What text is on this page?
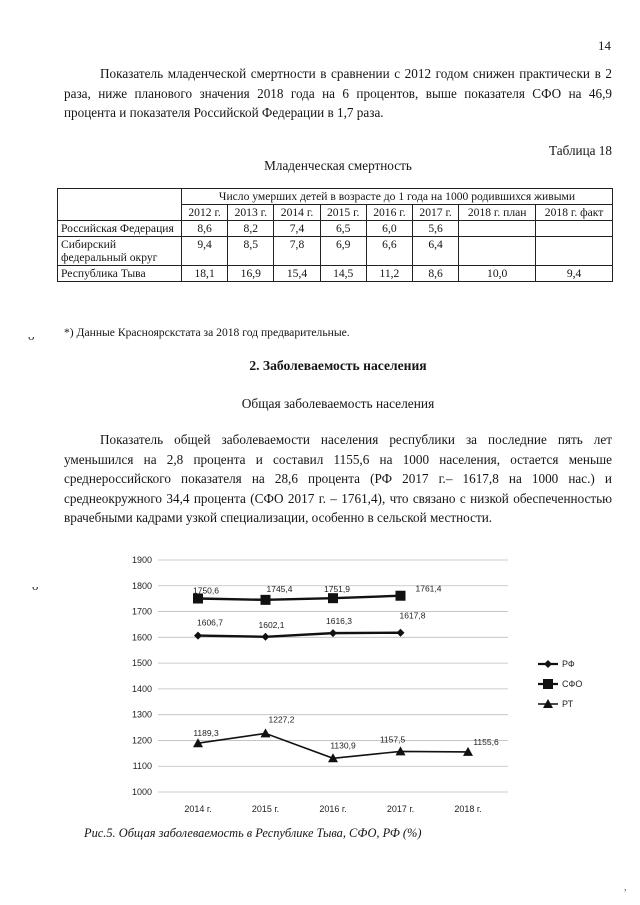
14

Показатель младенческой смертности в сравнении с 2012 годом снижен практически в 2 раза, ниже планового значения 2018 года на 6 процентов, выше показателя СФО на 46,9 процента и показателя Российской Федерации в 1,7 раза.

Таблица 18
Младенческая смертность
	Число умерших детей в возрасте до 1 года на 1000 родившихся живыми							
	2012 г.	2013 г.	2014 г.	2015 г.	2016 г.	2017 г.	2018 г. план	2018 г. факт
Российская Федерация	8,6	8,2	7,4	6,5	6,0	5,6		
Сибирский федеральный округ	9,4	8,5	7,8	6,9	6,6	6,4		
Республика Тыва	18,1	16,9	15,4	14,5	11,2	8,6	10,0	9,4
ᴗ	*) Данные Красноярскстата за 2018 год предварительные.
2. Заболеваемость населения
Общая заболеваемость населения

Показатель общей заболеваемости населения республики за последние пять лет уменьшился на 2,8 процента и составил 1155,6 на 1000 населения, остается меньше среднероссийского показателя на 28,6 процента (РФ 2017 г.– 1617,8 на 1000 нас.) и среднеокружного 34,4 процента (СФО 2017 г. – 1761,4), что связано с низкой обеспеченностью врачебными кадрами узкой специализации, особенно в сельской местности.

ᴗ
1000
1100
1200
1300
1400
1500
1600
1700
1800
1900
2014 г.	2015 г.	2016 г.	2017 г.	2018 г.
1606,7	1602,1	1616,3
1617,8
1750,6	1745,4	1751,9	1761,4
1189,3
1227,2
1130,9
1157,5	1155,6
РФ
СФО
РТ
Рис.5. Общая заболеваемость в Республике Тыва, СФО, РФ (%)
,
